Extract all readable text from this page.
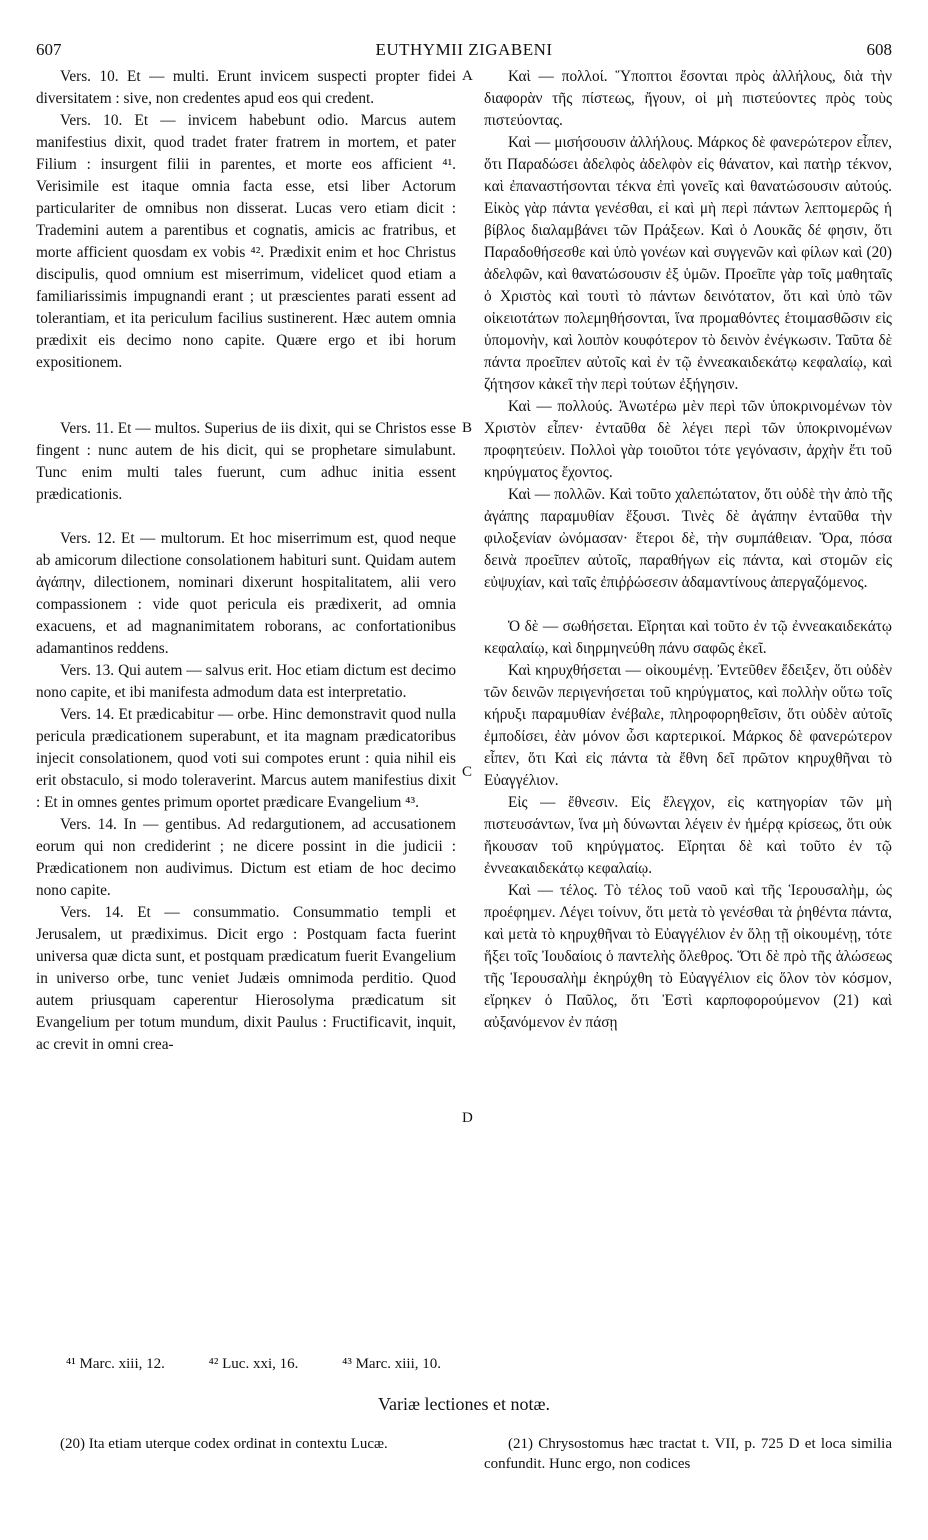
607	EUTHYMII ZIGABENI	608

Vers. 10. Et — multi. Erunt invicem suspecti propter fidei diversitatem : sive, non credentes apud eos qui credent.

Vers. 10. Et — invicem habebunt odio. Marcus autem manifestius dixit, quod tradet frater fratrem in mortem, et pater Filium : insurgent filii in parentes, et morte eos afficient ⁴¹. Verisimile est itaque omnia facta esse, etsi liber Actorum particulariter de omnibus non disserat. Lucas vero etiam dicit : Trademini autem a parentibus et cognatis, amicis ac fratribus, et morte afficient quosdam ex vobis ⁴². Prædixit enim et hoc Christus discipulis, quod omnium est miserrimum, videlicet quod etiam a familiarissimis impugnandi erant ; ut præscientes parati essent ad tolerantiam, et ita periculum facilius sustinerent. Hæc autem omnia prædixit eis decimo nono capite. Quære ergo et ibi horum expositionem.

Vers. 11. Et — multos. Superius de iis dixit, qui se Christos esse fingent : nunc autem de his dicit, qui se prophetare simulabunt. Tunc enim multi tales fuerunt, cum adhuc initia essent prædicationis.

Vers. 12. Et — multorum. Et hoc miserrimum est, quod neque ab amicorum dilectione consolationem habituri sunt. Quidam autem ἀγάπην, dilectionem, nominari dixerunt hospitalitatem, alii vero compassionem : vide quot pericula eis prædixerit, ad omnia exacuens, et ad magnanimitatem roborans, ac confortationibus adamantinos reddens.

Vers. 13. Qui autem — salvus erit. Hoc etiam dictum est decimo nono capite, et ibi manifesta admodum data est interpretatio.

Vers. 14. Et prædicabitur — orbe. Hinc demonstravit quod nulla pericula prædicationem superabunt, et ita magnam prædicatoribus injecit consolationem, quod voti sui compotes erunt : quia nihil eis erit obstaculo, si modo toleraverint. Marcus autem manifestius dixit : Et in omnes gentes primum oportet prædicare Evangelium ⁴³.

Vers. 14. In — gentibus. Ad redargutionem, ad accusationem eorum qui non crediderint ; ne dicere possint in die judicii : Prædicationem non audivimus. Dictum est etiam de hoc decimo nono capite.

Vers. 14. Et — consummatio. Consummatio templi et Jerusalem, ut prædiximus. Dicit ergo : Postquam facta fuerint universa quæ dicta sunt, et postquam prædicatum fuerit Evangelium in universo orbe, tunc veniet Judæis omnimoda perditio. Quod autem priusquam caperentur Hierosolyma prædicatum sit Evangelium per totum mundum, dixit Paulus : Fructificavit, inquit, ac crevit in omni crea-

Καὶ — πολλοί. Ὕποπτοι ἔσονται πρὸς ἀλλήλους, διὰ τὴν διαφορὰν τῆς πίστεως, ἤγουν, οἱ μὴ πιστεύοντες πρὸς τοὺς πιστεύοντας.

Καὶ — μισήσουσιν ἀλλήλους. Μάρκος δὲ φανερώτερον εἶπεν, ὅτι Παραδώσει ἀδελφὸς ἀδελφὸν εἰς θάνατον, καὶ πατὴρ τέκνον, καὶ ἐπαναστήσονται τέκνα ἐπὶ γονεῖς καὶ θανατώσουσιν αὐτούς. Εἰκὸς γὰρ πάντα γενέσθαι, εἰ καὶ μὴ περὶ πάντων λεπτομερῶς ἡ βίβλος διαλαμβάνει τῶν Πράξεων. Καὶ ὁ Λουκᾶς δέ φησιν, ὅτι Παραδοθήσεσθε καὶ ὑπὸ γονέων καὶ συγγενῶν καὶ φίλων καὶ (20) ἀδελφῶν, καὶ θανατώσουσιν ἐξ ὑμῶν. Προεῖπε γὰρ τοῖς μαθηταῖς ὁ Χριστὸς καὶ τουτὶ τὸ πάντων δεινότατον, ὅτι καὶ ὑπὸ τῶν οἰκειοτάτων πολεμηθήσονται, ἵνα προμαθόντες ἑτοιμασθῶσιν εἰς ὑπομονὴν, καὶ λοιπὸν κουφότερον τὸ δεινὸν ἐνέγκωσιν. Ταῦτα δὲ πάντα προεῖπεν αὐτοῖς καὶ ἐν τῷ ἐννεακαιδεκάτῳ κεφαλαίῳ, καὶ ζήτησον κἀκεῖ τὴν περὶ τούτων ἐξήγησιν.

Καὶ — πολλούς. Ἀνωτέρω μὲν περὶ τῶν ὑποκρινομένων τὸν Χριστὸν εἶπεν· ἐνταῦθα δὲ λέγει περὶ τῶν ὑποκρινομένων προφητεύειν. Πολλοὶ γὰρ τοιοῦτοι τότε γεγόνασιν, ἀρχὴν ἔτι τοῦ κηρύγματος ἔχοντος.

Καὶ — πολλῶν. Καὶ τοῦτο χαλεπώτατον, ὅτι οὐδὲ τὴν ἀπὸ τῆς ἀγάπης παραμυθίαν ἕξουσι. Τινὲς δὲ ἀγάπην ἐνταῦθα τὴν φιλοξενίαν ὠνόμασαν· ἕτεροι δὲ, τὴν συμπάθειαν. Ὅρα, πόσα δεινὰ προεῖπεν αὐτοῖς, παραθήγων εἰς πάντα, καὶ στομῶν εἰς εὐψυχίαν, καὶ ταῖς ἐπιῤῥώσεσιν ἀδαμαντίνους ἀπεργαζόμενος.

Ὁ δὲ — σωθήσεται. Εἴρηται καὶ τοῦτο ἐν τῷ ἐννεακαιδεκάτῳ κεφαλαίῳ, καὶ διηρμηνεύθη πάνυ σαφῶς ἐκεῖ.

Καὶ κηρυχθήσεται — οἰκουμένῃ. Ἐντεῦθεν ἔδειξεν, ὅτι οὐδὲν τῶν δεινῶν περιγενήσεται τοῦ κηρύγματος, καὶ πολλὴν οὕτω τοῖς κήρυξι παραμυθίαν ἐνέβαλε, πληροφορηθεῖσιν, ὅτι οὐδὲν αὐτοῖς ἐμποδίσει, ἐὰν μόνον ὦσι καρτερικοί. Μάρκος δὲ φανερώτερον εἶπεν, ὅτι Καὶ εἰς πάντα τὰ ἔθνη δεῖ πρῶτον κηρυχθῆναι τὸ Εὐαγγέλιον.

Εἰς — ἔθνεσιν. Εἰς ἔλεγχον, εἰς κατηγορίαν τῶν μὴ πιστευσάντων, ἵνα μὴ δύνωνται λέγειν ἐν ἡμέρᾳ κρίσεως, ὅτι οὐκ ἤκουσαν τοῦ κηρύγματος. Εἴρηται δὲ καὶ τοῦτο ἐν τῷ ἐννεακαιδεκάτῳ κεφαλαίῳ.

Καὶ — τέλος. Τὸ τέλος τοῦ ναοῦ καὶ τῆς Ἱερουσαλὴμ, ὡς προέφημεν. Λέγει τοίνυν, ὅτι μετὰ τὸ γενέσθαι τὰ ῥηθέντα πάντα, καὶ μετὰ τὸ κηρυχθῆναι τὸ Εὐαγγέλιον ἐν ὅλῃ τῇ οἰκουμένῃ, τότε ἥξει τοῖς Ἰουδαίοις ὁ παντελὴς ὄλεθρος. Ὅτι δὲ πρὸ τῆς ἁλώσεως τῆς Ἱερουσαλὴμ ἐκηρύχθη τὸ Εὐαγγέλιον εἰς ὅλον τὸν κόσμον, εἴρηκεν ὁ Παῦλος, ὅτι Ἐστὶ καρποφορούμενον (21) καὶ αὐξανόμενον ἐν πάσῃ

A
B
C
D
⁴¹ Marc. xiii, 12.	⁴² Luc. xxi, 16.	⁴³ Marc. xiii, 10.
Variæ lectiones et notæ.

(20) Ita etiam uterque codex ordinat in contextu Lucæ.	(21) Chrysostomus hæc tractat t. VII, p. 725 D et loca similia confundit. Hunc ergo, non codices
